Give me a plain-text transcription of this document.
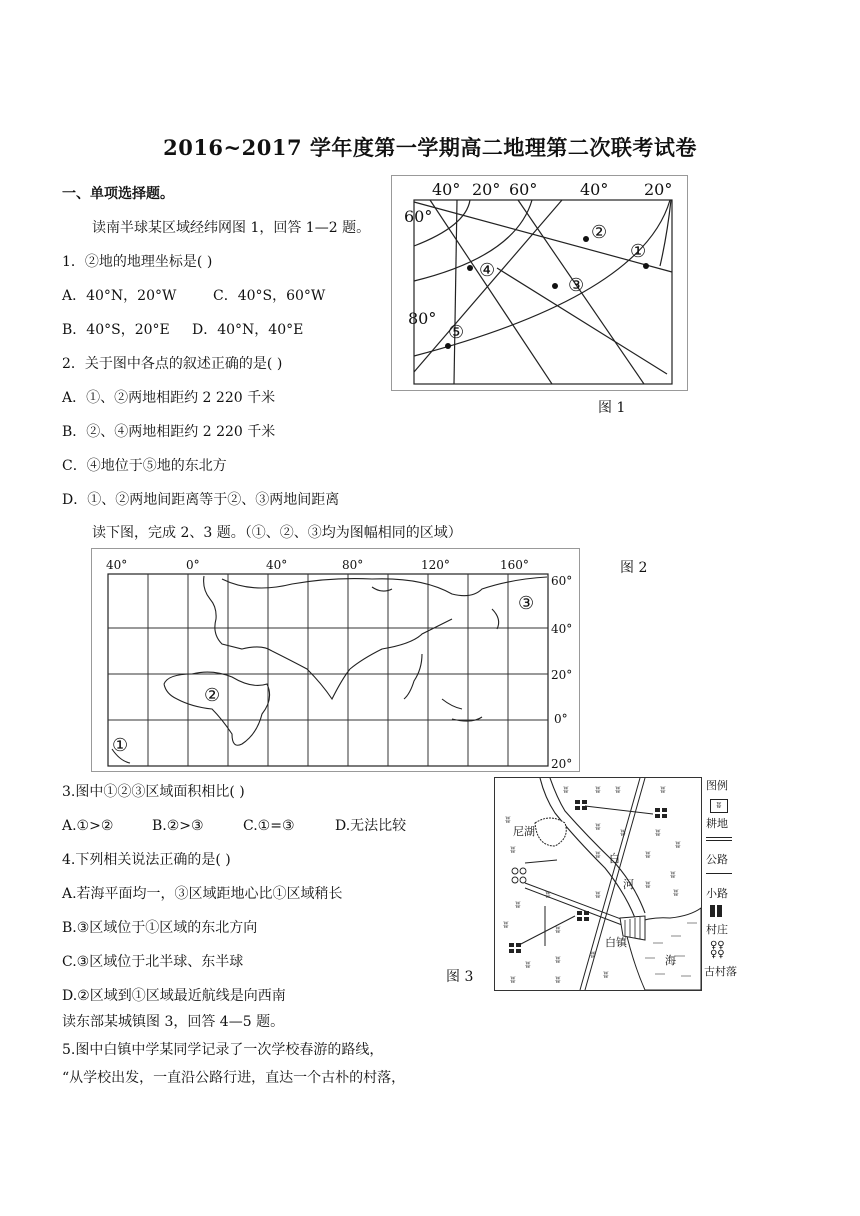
2016~2017 学年度第一学期高二地理第二次联考试卷
一、单项选择题。
读南半球某区域经纬网图 1，回答 1—2 题。
1．②地的地理坐标是( )
A．40°N，20°W	C．40°S，60°W
B．40°S，20°E D．40°N，40°E
2．关于图中各点的叙述正确的是( )
A．①、②两地相距约 2 220 千米
B．②、④两地相距约 2 220 千米
C．④地位于⑤地的东北方
D．①、②两地间距离等于②、③两地间距离
读下图，完成 2、3 题。（①、②、③均为图幅相同的区域）
3.图中①②③区域面积相比( )
A.①>②	B.②>③	C.①=③	D.无法比较
4.下列相关说法正确的是( )
A.若海平面均一，③区域距地心比①区域稍长
B.③区域位于①区域的东北方向
C.③区域位于北半球、东半球
D.②区域到①区域最近航线是向西南
读东部某城镇图 3，回答 4—5 题。
5.图中白镇中学某同学记录了一次学校春游的路线，
“从学校出发，一直沿公路行进，直达一个古朴的村落，
40° 20° 60°	40° 20°
60°
80°
①
②
③
④
⑤
图 1
40°	0°	40°	80°	120°	160°
60°
40°
20°
0°
20°
①
②
③
图 2
ʬ	ʬ ʬ	ʬ
ʬ
ʬ	ʬ
ʬ
ʬ
ʬ	ʬ	ʬ
ʬ
ʬ
ʬ
ʬ
ʬ	ʬ
ʬ
ʬ ʬ
ʬ
ʬ
ʬ
ʬ
ʬ
尼湖
白
河
白镇
海
图例
ʬ
耕地
公路
小路
村庄
♀♀
♀♀
古村落
图 3
